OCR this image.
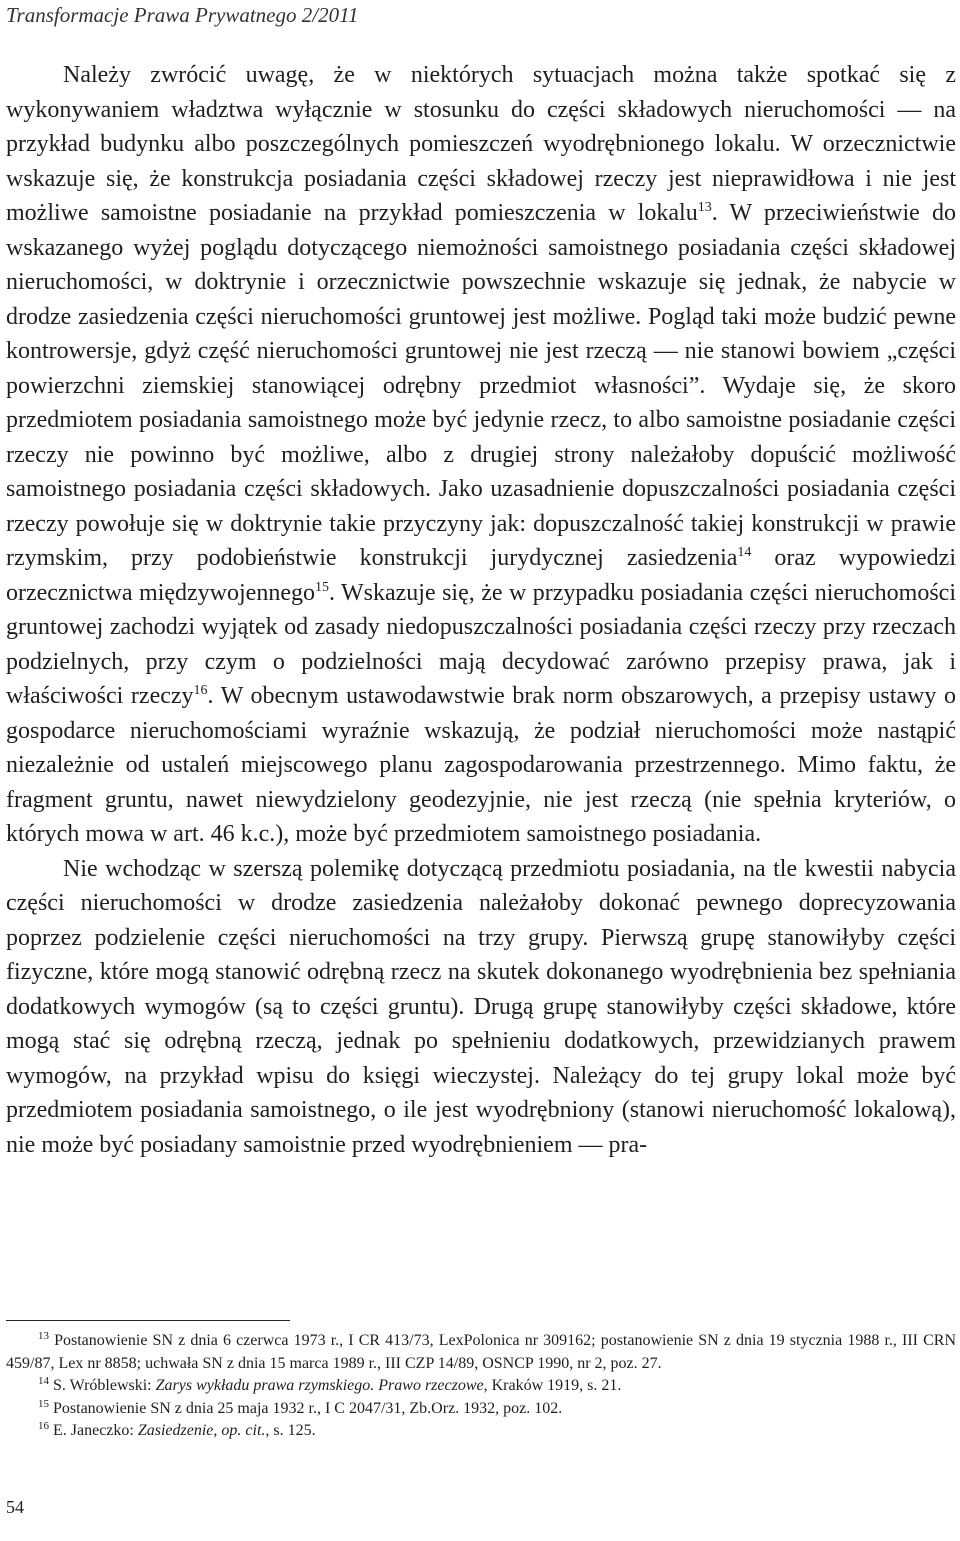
Transformacje Prawa Prywatnego 2/2011

Należy zwrócić uwagę, że w niektórych sytuacjach można także spotkać się z wykonywaniem władztwa wyłącznie w stosunku do części składowych nieruchomości — na przykład budynku albo poszczególnych pomieszczeń wyodrębnionego lokalu. W orzecznictwie wskazuje się, że konstrukcja posiadania części składowej rzeczy jest nieprawidłowa i nie jest możliwe samoistne posiadanie na przykład pomieszczenia w lokalu$^{13}$. W przeciwieństwie do wskazanego wyżej poglądu dotyczącego niemożności samoistnego posiadania części składowej nieruchomości, w doktrynie i orzecznictwie powszechnie wskazuje się jednak, że nabycie w drodze zasiedzenia części nieruchomości gruntowej jest możliwe. Pogląd taki może budzić pewne kontrowersje, gdyż część nieruchomości gruntowej nie jest rzeczą — nie stanowi bowiem „części powierzchni ziemskiej stanowiącej odrębny przedmiot własności”. Wydaje się, że skoro przedmiotem posiadania samoistnego może być jedynie rzecz, to albo samoistne posiadanie części rzeczy nie powinno być możliwe, albo z drugiej strony należałoby dopuścić możliwość samoistnego posiadania części składowych. Jako uzasadnienie dopuszczalności posiadania części rzeczy powołuje się w doktrynie takie przyczyny jak: dopuszczalność takiej konstrukcji w prawie rzymskim, przy podobieństwie konstrukcji jurydycznej zasiedzenia$^{14}$ oraz wypowiedzi orzecznictwa międzywojennego$^{15}$. Wskazuje się, że w przypadku posiadania części nieruchomości gruntowej zachodzi wyjątek od zasady niedopuszczalności posiadania części rzeczy przy rzeczach podzielnych, przy czym o podzielności mają decydować zarówno przepisy prawa, jak i właściwości rzeczy$^{16}$. W obecnym ustawodawstwie brak norm obszarowych, a przepisy ustawy o gospodarce nieruchomościami wyraźnie wskazują, że podział nieruchomości może nastąpić niezależnie od ustaleń miejscowego planu zagospodarowania przestrzennego. Mimo faktu, że fragment gruntu, nawet niewydzielony geodezyjnie, nie jest rzeczą (nie spełnia kryteriów, o których mowa w art. 46 k.c.), może być przedmiotem samoistnego posiadania.

Nie wchodząc w szerszą polemikę dotyczącą przedmiotu posiadania, na tle kwestii nabycia części nieruchomości w drodze zasiedzenia należałoby dokonać pewnego doprecyzowania poprzez podzielenie części nieruchomości na trzy grupy. Pierwszą grupę stanowiłyby części fizyczne, które mogą stanowić odrębną rzecz na skutek dokonanego wyodrębnienia bez spełniania dodatkowych wymogów (są to części gruntu). Drugą grupę stanowiłyby części składowe, które mogą stać się odrębną rzeczą, jednak po spełnieniu dodatkowych, przewidzianych prawem wymogów, na przykład wpisu do księgi wieczystej. Należący do tej grupy lokal może być przedmiotem posiadania samoistnego, o ile jest wyodrębniony (stanowi nieruchomość lokalową), nie może być posiadany samoistnie przed wyodrębnieniem — pra-

$^{13}$ Postanowienie SN z dnia 6 czerwca 1973 r., I CR 413/73, LexPolonica nr 309162; postanowienie SN z dnia 19 stycznia 1988 r., III CRN 459/87, Lex nr 8858; uchwała SN z dnia 15 marca 1989 r., III CZP 14/89, OSNCP 1990, nr 2, poz. 27.

$^{14}$ S. Wróblewski: Zarys wykładu prawa rzymskiego. Prawo rzeczowe, Kraków 1919, s. 21.

$^{15}$ Postanowienie SN z dnia 25 maja 1932 r., I C 2047/31, Zb.Orz. 1932, poz. 102.

$^{16}$ E. Janeczko: Zasiedzenie, op. cit., s. 125.

54
